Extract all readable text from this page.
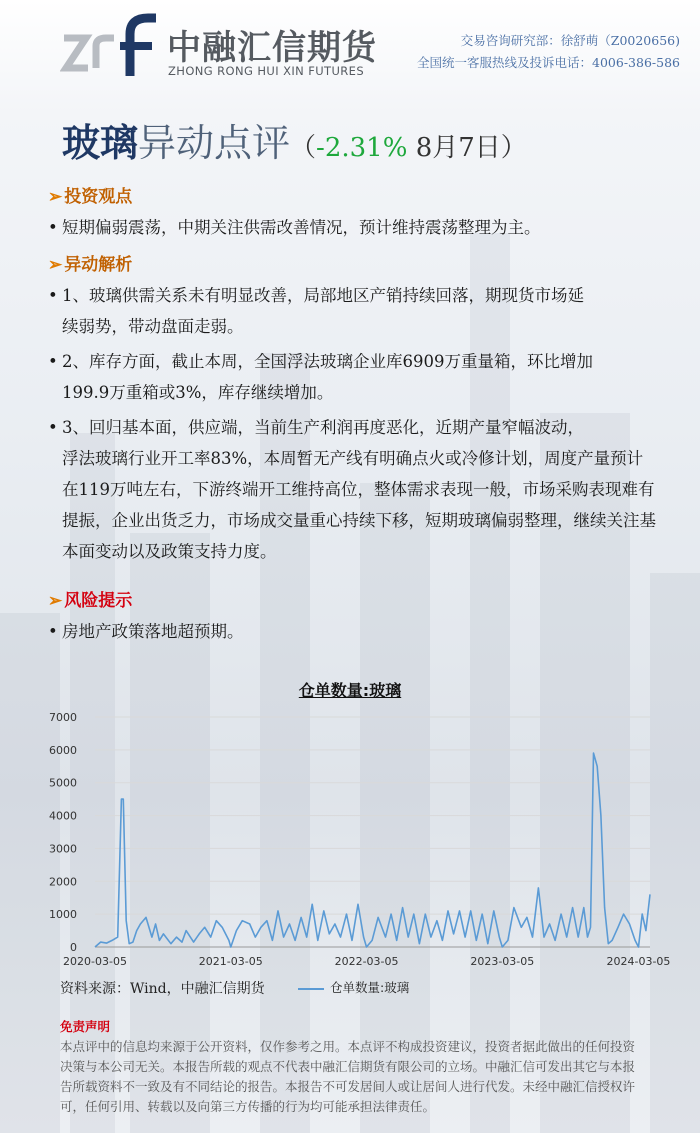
中融汇信期货
ZHONG RONG HUI XIN FUTURES
交易咨询研究部：徐舒萌（Z0020656)
全国统一客服热线及投诉电话：4006-386-586
玻璃异动点评（-2.31% 8月7日）
➢ 投资观点
• 短期偏弱震荡，中期关注供需改善情况，预计维持震荡整理为主。
➢ 异动解析
• 1、玻璃供需关系未有明显改善，局部地区产销持续回落，期现货市场延
续弱势，带动盘面走弱。
• 2、库存方面，截止本周，全国浮法玻璃企业库6909万重量箱，环比增加
199.9万重箱或3%，库存继续增加。
• 3、回归基本面，供应端，当前生产利润再度恶化，近期产量窄幅波动，
浮法玻璃行业开工率83%，本周暂无产线有明确点火或冷修计划，周度产量预计在119万吨左右，下游终端开工维持高位，整体需求表现一般，市场采购表现难有提振，企业出货乏力，市场成交量重心持续下移，短期玻璃偏弱整理，继续关注基本面变动以及政策支持力度。
➢ 风险提示
• 房地产政策落地超预期。
仓单数量:玻璃
0
1000
2000
3000
4000
5000
6000
7000
2020-03-05	2021-03-05	2022-03-05	2023-03-05	2024-03-05
资料来源：Wind，中融汇信期货	仓单数量:玻璃
免责声明
本点评中的信息均来源于公开资料，仅作参考之用。本点评不构成投资建议，投资者据此做出的任何投资决策与本公司无关。本报告所载的观点不代表中融汇信期货有限公司的立场。中融汇信可发出其它与本报告所载资料不一致及有不同结论的报告。本报告不可发居间人或让居间人进行代发。未经中融汇信授权许可，任何引用、转载以及向第三方传播的行为均可能承担法律责任。
